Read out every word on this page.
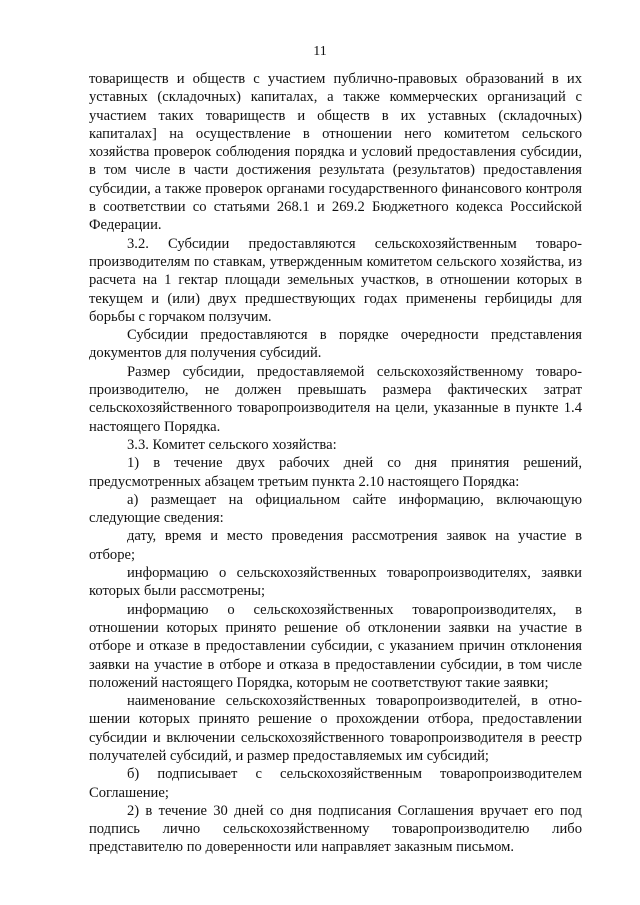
11

товариществ и обществ с участием публично-правовых образований в их уставных (складочных) капиталах, а также коммерческих организаций с участием таких товариществ и обществ в их уставных (складочных) капиталах] на осуществление в отношении него комитетом сельского хозяйства проверок соблюдения порядка и условий предоставления субсидии, в том числе в части достижения результата (результатов) предоставления субсидии, а также проверок органами государственного финансового контроля в соответствии со статьями 268.1 и 269.2 Бюджетного кодекса Российской Федерации.

3.2. Субсидии предоставляются сельскохозяйственным товаро-производителям по ставкам, утвержденным комитетом сельского хозяйства, из расчета на 1 гектар площади земельных участков, в отношении которых в текущем и (или) двух предшествующих годах применены гербициды для борьбы с горчаком ползучим.

Субсидии предоставляются в порядке очередности представления документов для получения субсидий.

Размер субсидии, предоставляемой сельскохозяйственному товаро-производителю, не должен превышать размера фактических затрат сельскохозяйственного товаропроизводителя на цели, указанные в пункте 1.4 настоящего Порядка.

3.3. Комитет сельского хозяйства:

1) в течение двух рабочих дней со дня принятия решений, предусмотренных абзацем третьим пункта 2.10 настоящего Порядка:

а) размещает на официальном сайте информацию, включающую следующие сведения:

дату, время и место проведения рассмотрения заявок на участие в отборе;

информацию о сельскохозяйственных товаропроизводителях, заявки которых были рассмотрены;

информацию о сельскохозяйственных товаропроизводителях, в отношении которых принято решение об отклонении заявки на участие в отборе и отказе в предоставлении субсидии, с указанием причин отклонения заявки на участие в отборе и отказа в предоставлении субсидии, в том числе положений настоящего Порядка, которым не соответствуют такие заявки;

наименование сельскохозяйственных товаропроизводителей, в отно-шении которых принято решение о прохождении отбора, предоставлении субсидии и включении сельскохозяйственного товаропроизводителя в реестр получателей субсидий, и размер предоставляемых им субсидий;

б) подписывает с сельскохозяйственным товаропроизводителем Соглашение;

2) в течение 30 дней со дня подписания Соглашения вручает его под подпись лично сельскохозяйственному товаропроизводителю либо представителю по доверенности или направляет заказным письмом.
